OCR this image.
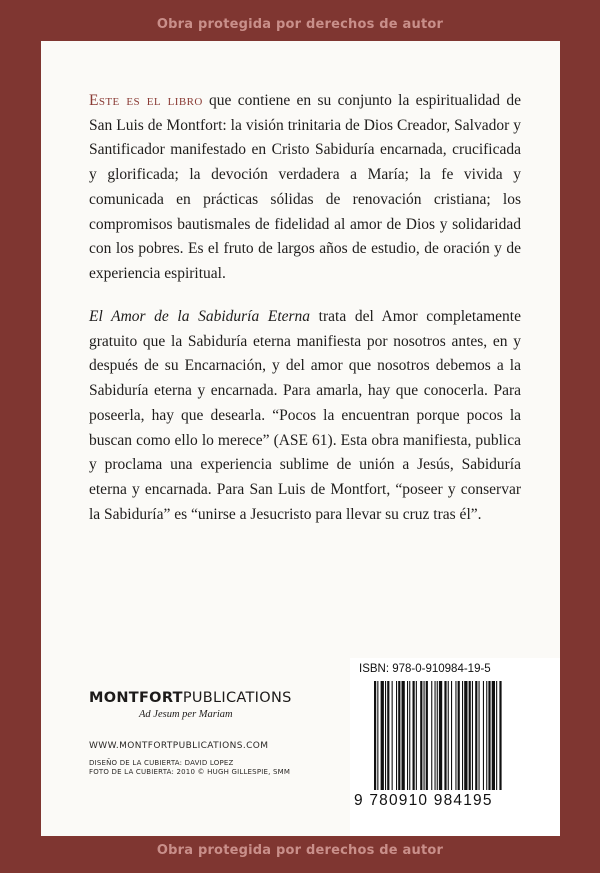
Obra protegida por derechos de autor
Este es el libro que contiene en su conjunto la espiritualidad de San Luis de Montfort: la visión trinitaria de Dios Creador, Salvador y Santificador manifestado en Cristo Sabiduría encarnada, crucificada y glorificada; la devoción verdadera a María; la fe vivida y comunicada en prácticas sólidas de renovación cristiana; los compromisos bautismales de fidelidad al amor de Dios y solidaridad con los pobres. Es el fruto de largos años de estudio, de oración y de experiencia espiritual.
El Amor de la Sabiduría Eterna trata del Amor completamente gratuito que la Sabiduría eterna manifiesta por nosotros antes, en y después de su Encarnación, y del amor que nosotros debemos a la Sabiduría eterna y encarnada. Para amarla, hay que conocerla. Para poseerla, hay que desearla. “Pocos la encuentran porque pocos la buscan como ello lo merece” (ASE 61). Esta obra manifiesta, publica y proclama una experiencia sublime de unión a Jesús, Sabiduría eterna y encarnada. Para San Luis de Montfort, “poseer y conservar la Sabiduría” es “unirse a Jesucristo para llevar su cruz tras él”.
MONTFORTPUBLICATIONS
Ad Jesum per Mariam
WWW.MONTFORTPUBLICATIONS.COM
DISEÑO DE LA CUBIERTA: DAVID LOPEZ
FOTO DE LA CUBIERTA: 2010 © HUGH GILLESPIE, SMM
ISBN: 978-0-910984-19-5
9 780910 984195
Obra protegida por derechos de autor
